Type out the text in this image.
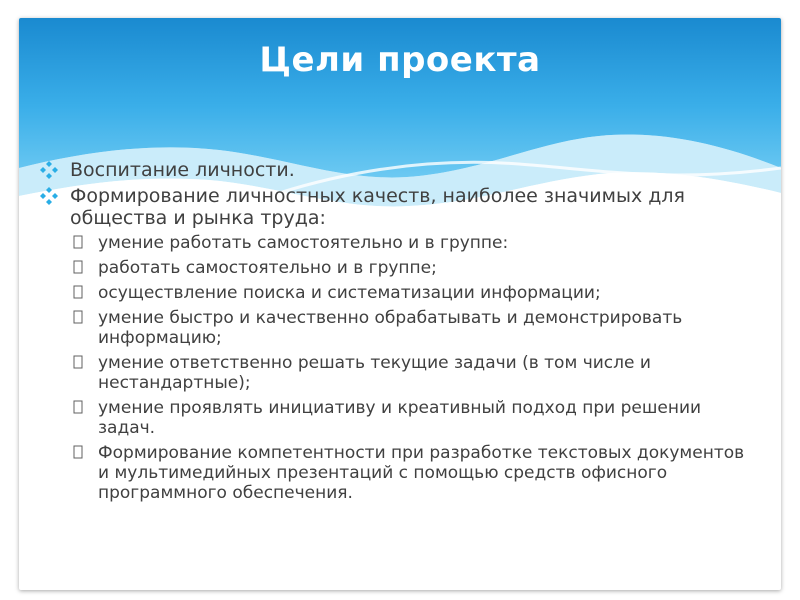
Цели проекта
Воспитание личности.
Формирование личностных качеств, наиболее значимых для общества и рынка труда:
умение работать самостоятельно и в группе:
работать самостоятельно и в группе;
осуществление поиска и систематизации информации;
умение быстро и качественно обрабатывать и демонстрировать информацию;
умение ответственно решать текущие задачи (в том числе и нестандартные);
умение проявлять инициативу и креативный подход при решении задач.
Формирование компетентности при разработке текстовых документов и мультимедийных презентаций с помощью средств офисного программного обеспечения.
